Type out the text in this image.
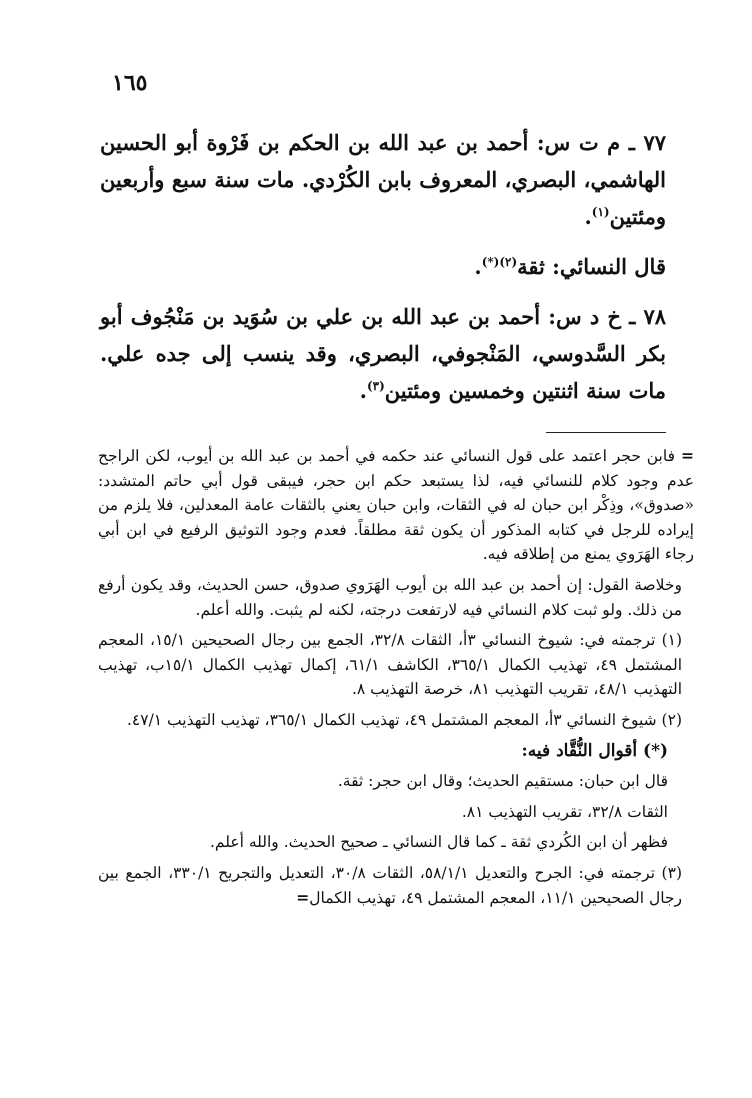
١٦٥

٧٧ ـ م ت س: أحمد بن عبد الله بن الحكم بن فَرْوة أبو الحسين الهاشمي، البصري، المعروف بابن الكُرْدي. مات سنة سبع وأربعين ومئتين$^{(١)}$.

قال النسائي: ثقة$^{(٢)(*)}$.

٧٨ ـ خ د س: أحمد بن عبد الله بن علي بن سُوَيد بن مَنْجُوف أبو بكر السَّدوسي، المَنْجوفي، البصري، وقد ينسب إلى جده علي. مات سنة اثنتين وخمسين ومئتين$^{(٣)}$.

=فابن حجر اعتمد على قول النسائي عند حكمه في أحمد بن عبد الله بن أيوب، لكن الراجح عدم وجود كلام للنسائي فيه، لذا يستبعد حكم ابن حجر، فيبقى قول أبي حاتم المتشدد: «صدوق»، وذِكْر ابن حبان له في الثقات، وابن حبان يعني بالثقات عامة المعدلين، فلا يلزم من إيراده للرجل في كتابه المذكور أن يكون ثقة مطلقاً. فعدم وجود التوثيق الرفيع في ابن أبي رجاء الهَرَوي يمنع من إطلاقه فيه.

وخلاصة القول: إن أحمد بن عبد الله بن أيوب الهَرَوي صدوق، حسن الحديث، وقد يكون أرفع من ذلك. ولو ثبت كلام النسائي فيه لارتفعت درجته، لكنه لم يثبت. والله أعلم.

(١) ترجمته في: شيوخ النسائي ٣أ، الثقات ٣٢/٨، الجمع بين رجال الصحيحين ١٥/١، المعجم المشتمل ٤٩، تهذيب الكمال ٣٦٥/١، الكاشف ٦١/١، إكمال تهذيب الكمال ١٥/١ب، تهذيب التهذيب ٤٨/١، تقريب التهذيب ٨١، خرصة التهذيب ٨.

(٢) شيوخ النسائي ٣أ، المعجم المشتمل ٤٩، تهذيب الكمال ٣٦٥/١، تهذيب التهذيب ٤٧/١.

(*) أقوال النُّقَّاد فيه:

قال ابن حبان: مستقيم الحديث؛ وقال ابن حجر: ثقة.

الثقات ٣٢/٨، تقريب التهذيب ٨١.

فظهر أن ابن الكُردي ثقة ـ كما قال النسائي ـ صحيح الحديث. والله أعلم.

(٣) ترجمته في: الجرح والتعديل ٥٨/١/١، الثقات ٣٠/٨، التعديل والتجريح ٣٣٠/١، الجمع بين رجال الصحيحين ١١/١، المعجم المشتمل ٤٩، تهذيب الكمال=
